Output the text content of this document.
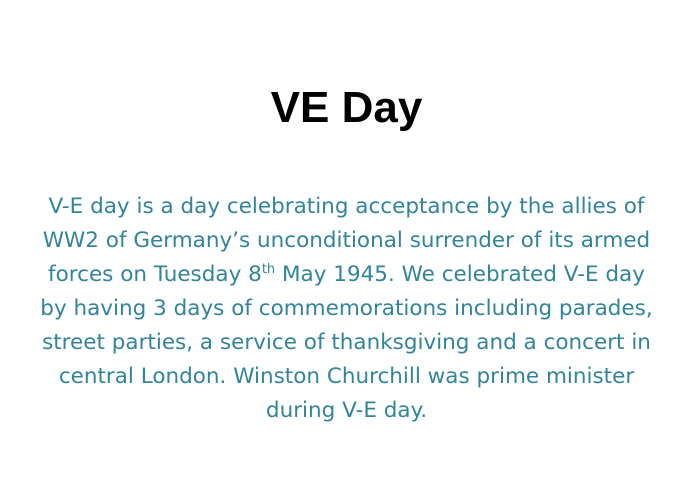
VE Day
V-E day is a day celebrating acceptance by the allies of WW2 of Germany’s unconditional surrender of its armed forces on Tuesday 8th May 1945. We celebrated V-E day by having 3 days of commemorations including parades, street parties, a service of thanksgiving and a concert in central London. Winston Churchill was prime minister during V-E day.
